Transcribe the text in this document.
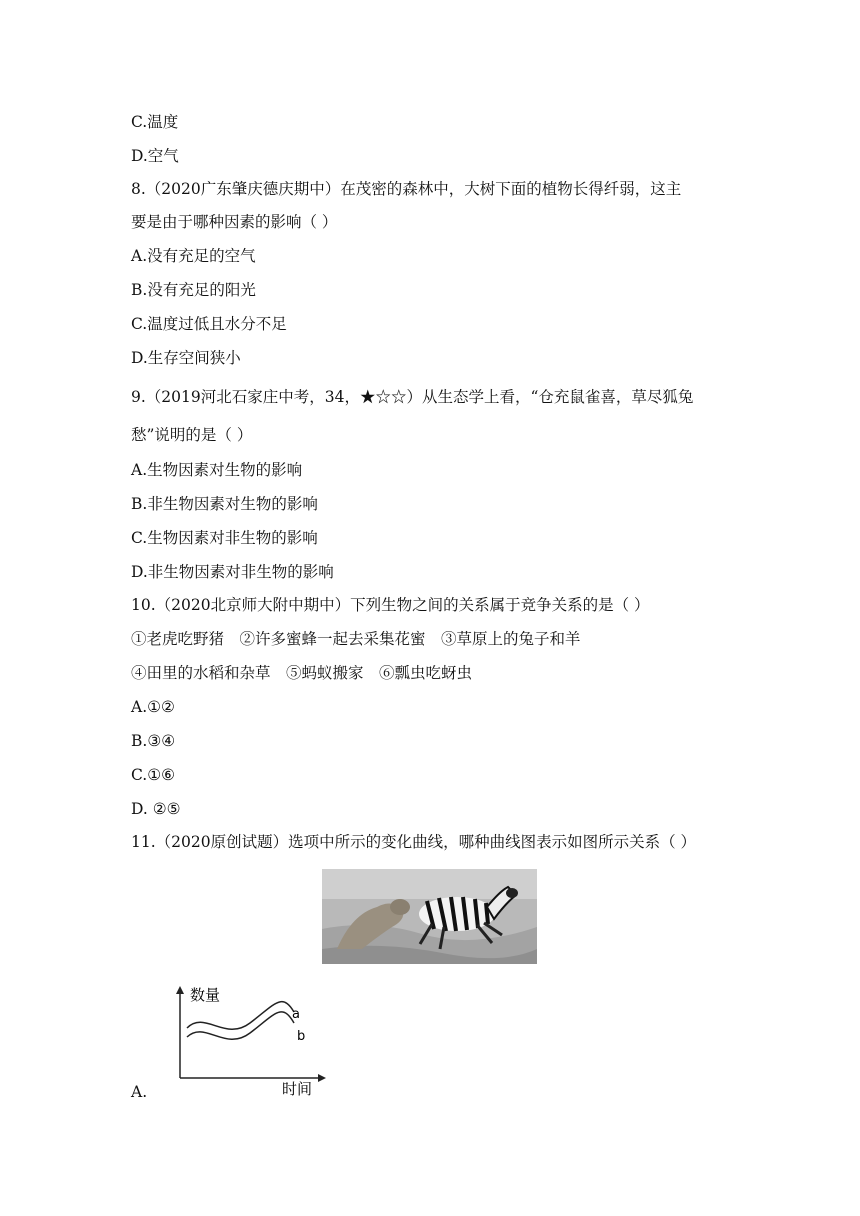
C.温度
D.空气
8.（2020广东肇庆德庆期中）在茂密的森林中，大树下面的植物长得纤弱，这主
要是由于哪种因素的影响（ ）
A.没有充足的空气
B.没有充足的阳光
C.温度过低且水分不足
D.生存空间狭小
9.（2019河北石家庄中考，34，★☆☆）从生态学上看，“仓充鼠雀喜，草尽狐兔
愁”说明的是（ ）
A.生物因素对生物的影响
B.非生物因素对生物的影响
C.生物因素对非生物的影响
D.非生物因素对非生物的影响
10.（2020北京师大附中期中）下列生物之间的关系属于竞争关系的是（ ）
①老虎吃野猪　②许多蜜蜂一起去采集花蜜　③草原上的兔子和羊
④田里的水稻和杂草　⑤蚂蚁搬家　⑥瓢虫吃蚜虫
A.①②
B.③④
C.①⑥
D. ②⑤
11.（2020原创试题）选项中所示的变化曲线，哪种曲线图表示如图所示关系（ ）
数量
时间
a
b
A.
